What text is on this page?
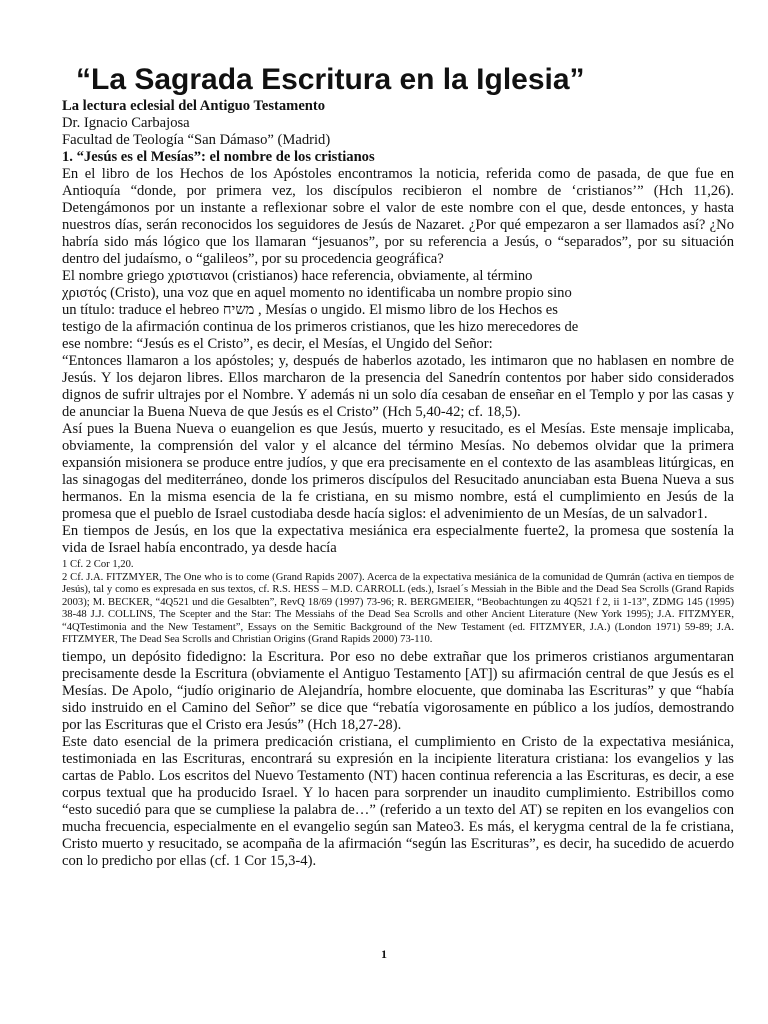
“La Sagrada Escritura en la Iglesia”

La lectura eclesial del Antiguo Testamento

Dr. Ignacio Carbajosa

Facultad de Teología “San Dámaso” (Madrid)

1. “Jesús es el Mesías”: el nombre de los cristianos

En el libro de los Hechos de los Apóstoles encontramos la noticia, referida como de pasada, de que fue en Antioquía “donde, por primera vez, los discípulos recibieron el nombre de ‘cristianos’” (Hch 11,26). Detengámonos por un instante a reflexionar sobre el valor de este nombre con el que, desde entonces, y hasta nuestros días, serán reconocidos los seguidores de Jesús de Nazaret. ¿Por qué empezaron a ser llamados así? ¿No habría sido más lógico que los llamaran “jesuanos”, por su referencia a Jesús, o “separados”, por su situación dentro del judaísmo, o “galileos”, por su procedencia geográfica?

El nombre griego χριστιανοι (cristianos) hace referencia, obviamente, al término

χριστός (Cristo), una voz que en aquel momento no identificaba un nombre propio sino

un título: traduce el hebreo משיח , Mesías o ungido. El mismo libro de los Hechos es

testigo de la afirmación continua de los primeros cristianos, que les hizo merecedores de

ese nombre: “Jesús es el Cristo”, es decir, el Mesías, el Ungido del Señor:

“Entonces llamaron a los apóstoles; y, después de haberlos azotado, les intimaron que no hablasen en nombre de Jesús. Y los dejaron libres. Ellos marcharon de la presencia del Sanedrín contentos por haber sido considerados dignos de sufrir ultrajes por el Nombre. Y además ni un solo día cesaban de enseñar en el Templo y por las casas y de anunciar la Buena Nueva de que Jesús es el Cristo” (Hch 5,40-42; cf. 18,5).

Así pues la Buena Nueva o euangelion es que Jesús, muerto y resucitado, es el Mesías. Este mensaje implicaba, obviamente, la comprensión del valor y el alcance del término Mesías. No debemos olvidar que la primera expansión misionera se produce entre judíos, y que era precisamente en el contexto de las asambleas litúrgicas, en las sinagogas del mediterráneo, donde los primeros discípulos del Resucitado anunciaban esta Buena Nueva a sus hermanos. En la misma esencia de la fe cristiana, en su mismo nombre, está el cumplimiento en Jesús de la promesa que el pueblo de Israel custodiaba desde hacía siglos: el advenimiento de un Mesías, de un salvador1.

En tiempos de Jesús, en los que la expectativa mesiánica era especialmente fuerte2, la promesa que sostenía la vida de Israel había encontrado, ya desde hacía

1 Cf. 2 Cor 1,20.

2 Cf. J.A. FITZMYER, The One who is to come (Grand Rapids 2007). Acerca de la expectativa mesiánica de la comunidad de Qumrán (activa en tiempos de Jesús), tal y como es expresada en sus textos, cf. R.S. HESS – M.D. CARROLL (eds.), Israel´s Messiah in the Bible and the Dead Sea Scrolls (Grand Rapids 2003); M. BECKER, “4Q521 und die Gesalbten”, RevQ 18/69 (1997) 73-96; R. BERGMEIER, “Beobachtungen zu 4Q521 f 2, ii 1-13”, ZDMG 145 (1995) 38-48 J.J. COLLINS, The Scepter and the Star: The Messiahs of the Dead Sea Scrolls and other Ancient Literature (New York 1995); J.A. FITZMYER, “4QTestimonia and the New Testament”, Essays on the Semitic Background of the New Testament (ed. FITZMYER, J.A.) (London 1971) 59-89; J.A. FITZMYER, The Dead Sea Scrolls and Christian Origins (Grand Rapids 2000) 73-110.

tiempo, un depósito fidedigno: la Escritura. Por eso no debe extrañar que los primeros cristianos argumentaran precisamente desde la Escritura (obviamente el Antiguo Testamento [AT]) su afirmación central de que Jesús es el Mesías. De Apolo, “judío originario de Alejandría, hombre elocuente, que dominaba las Escrituras” y que “había sido instruido en el Camino del Señor” se dice que “rebatía vigorosamente en público a los judíos, demostrando por las Escrituras que el Cristo era Jesús” (Hch 18,27-28).

Este dato esencial de la primera predicación cristiana, el cumplimiento en Cristo de la expectativa mesiánica, testimoniada en las Escrituras, encontrará su expresión en la incipiente literatura cristiana: los evangelios y las cartas de Pablo. Los escritos del Nuevo Testamento (NT) hacen continua referencia a las Escrituras, es decir, a ese corpus textual que ha producido Israel. Y lo hacen para sorprender un inaudito cumplimiento. Estribillos como “esto sucedió para que se cumpliese la palabra de…” (referido a un texto del AT) se repiten en los evangelios con mucha frecuencia, especialmente en el evangelio según san Mateo3. Es más, el kerygma central de la fe cristiana, Cristo muerto y resucitado, se acompaña de la afirmación “según las Escrituras”, es decir, ha sucedido de acuerdo con lo predicho por ellas (cf. 1 Cor 15,3-4).

1
